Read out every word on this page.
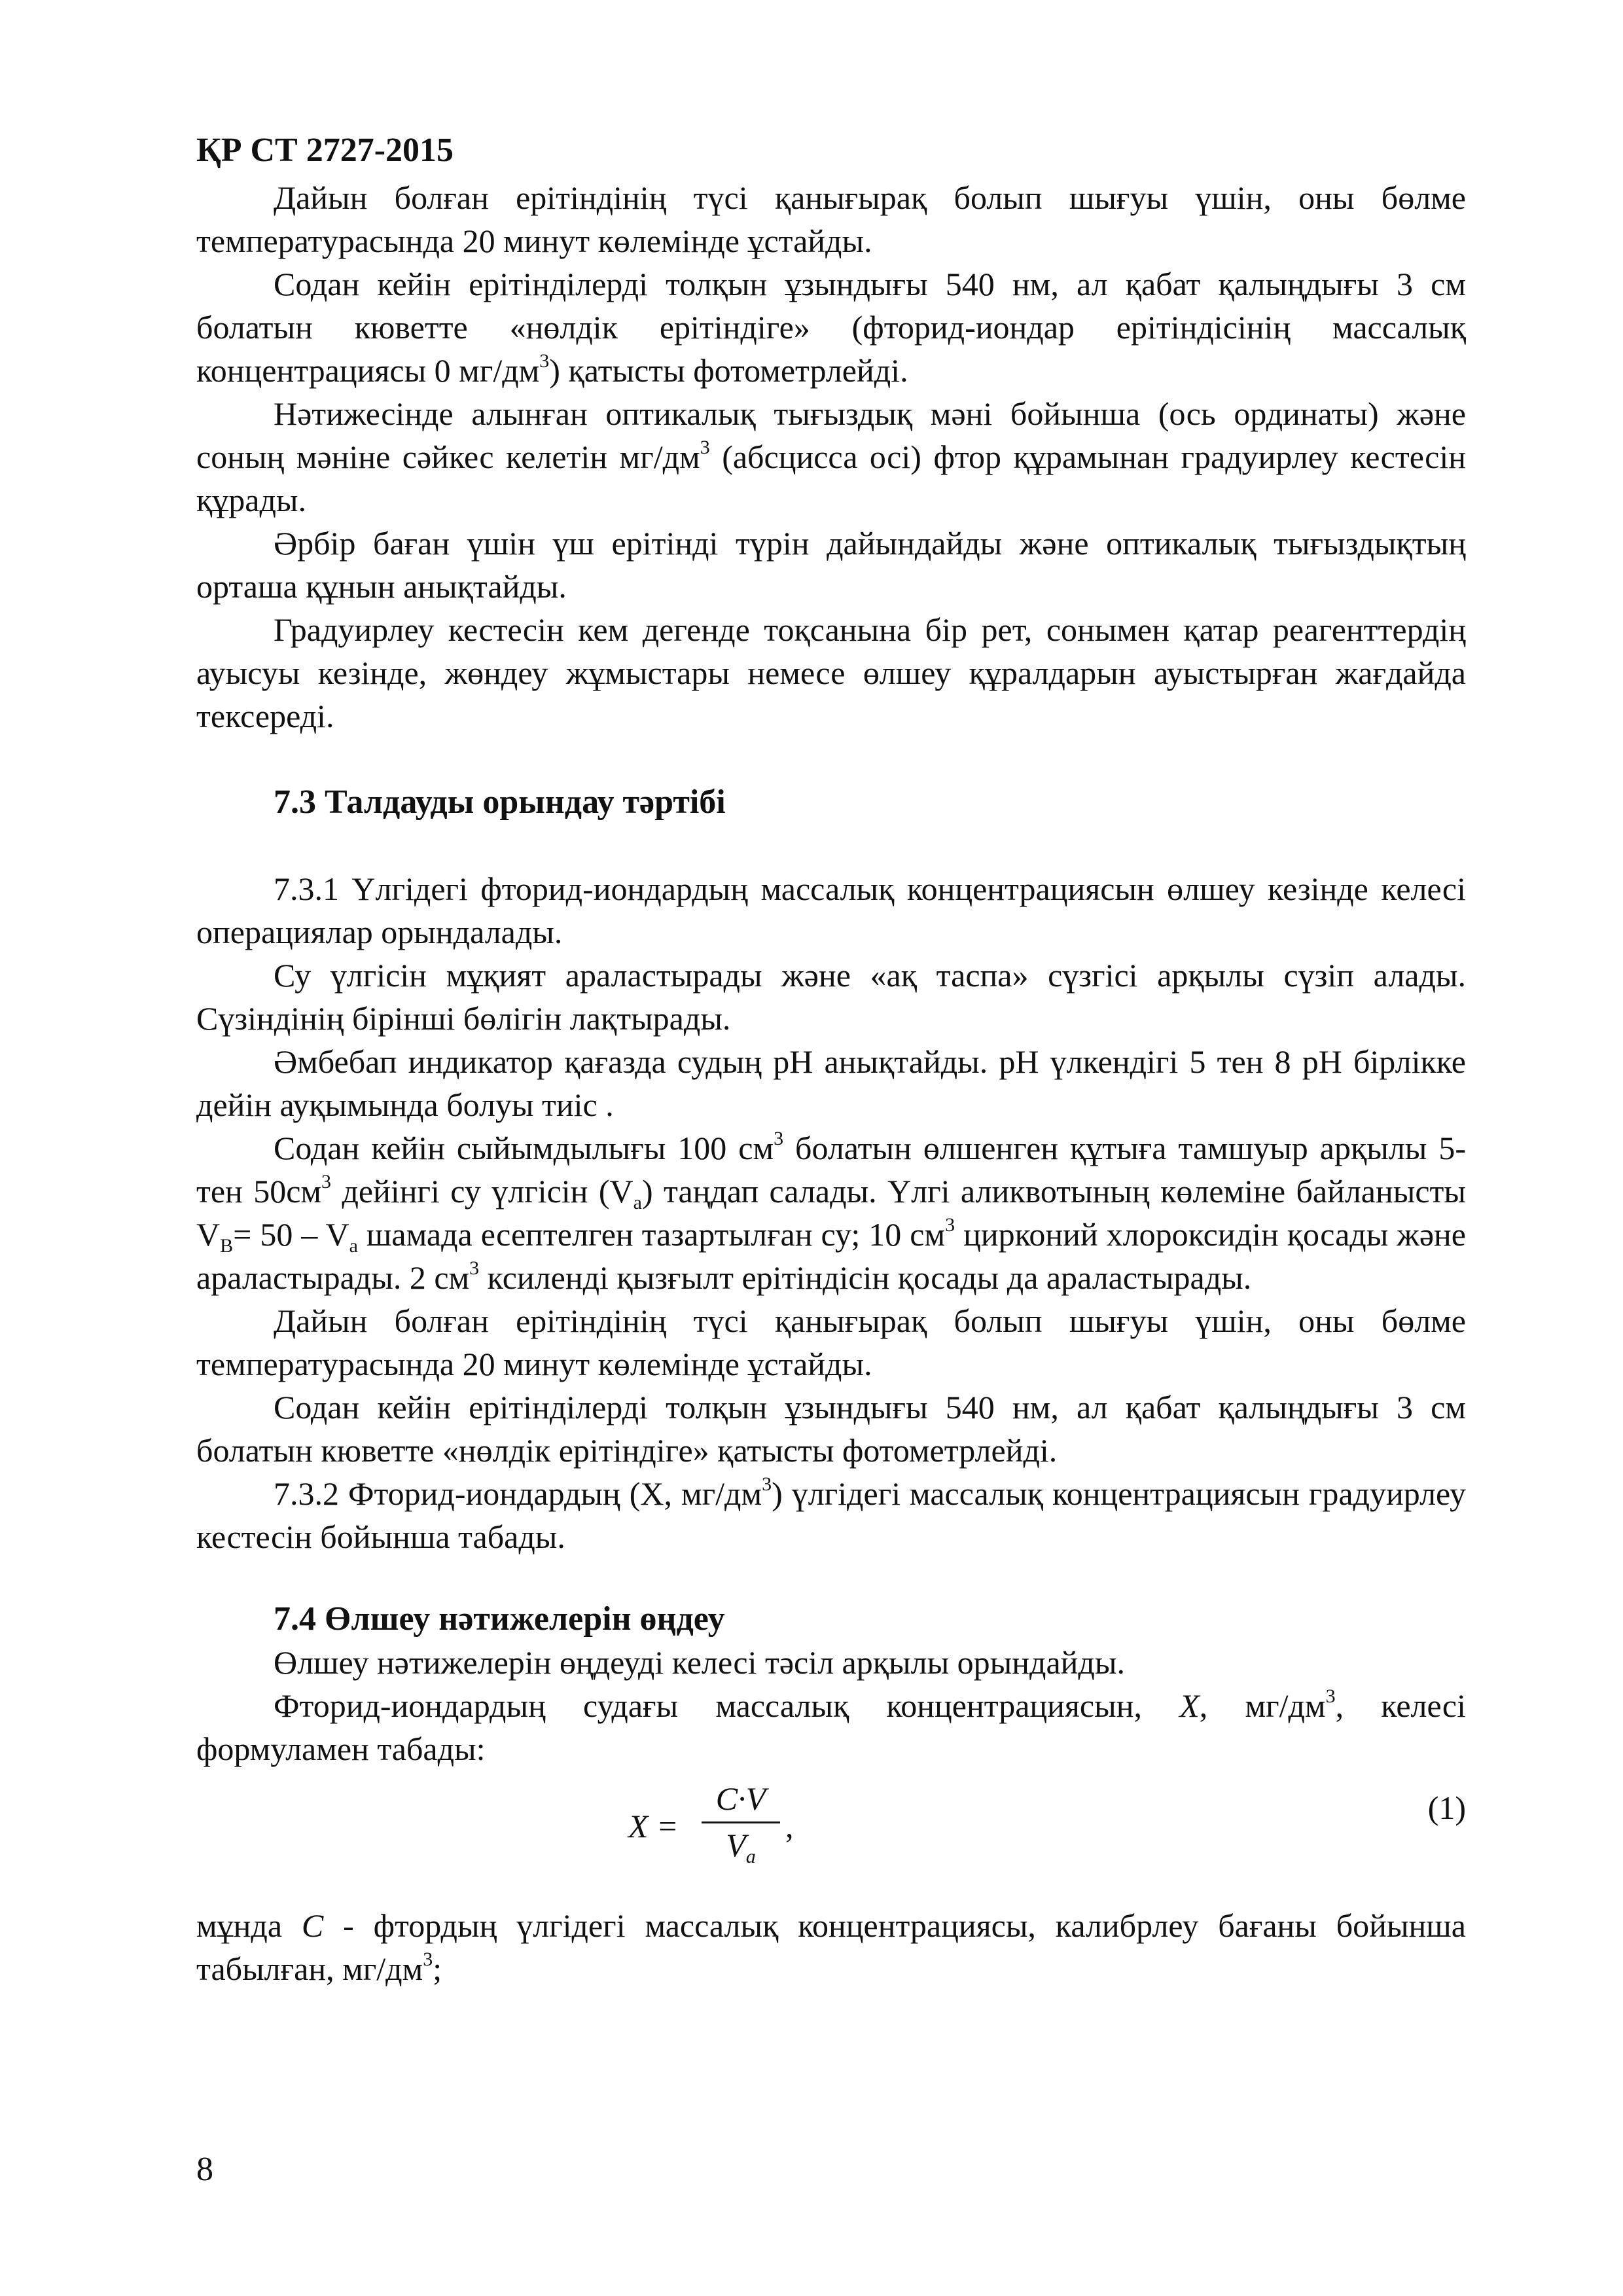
ҚР СТ 2727-2015

Дайын болған ерітіндінің түсі қанығырақ болып шығуы үшін, оны бөлме температурасында 20 минут көлемінде ұстайды.

Содан кейін ерітінділерді толқын ұзындығы 540 нм, ал қабат қалыңдығы 3 см болатын кюветте «нөлдік ерітіндіге» (фторид-иондар ерітіндісінің массалық концентрациясы 0 $мг/дм^3$) қатысты фотометрлейді.

Нәтижесінде алынған оптикалық тығыздық мәні бойынша (ось ординаты) және соның мәніне сәйкес келетін $мг/дм^3$ (абсцисса осі) фтор құрамынан градуирлеу кестесін құрады.

Әрбір баған үшін үш ерітінді түрін дайындайды және оптикалық тығыздықтың орташа құнын анықтайды.

Градуирлеу кестесін кем дегенде тоқсанына бір рет, сонымен қатар реагенттердің ауысуы кезінде, жөндеу жұмыстары немесе өлшеу құралдарын ауыстырған жағдайда тексереді.

7.3 Талдауды орындау тәртібі

7.3.1 Үлгідегі фторид-иондардың массалық концентрациясын өлшеу кезінде келесі операциялар орындалады.

Су үлгісін мұқият араластырады және «ақ таспа» сүзгісі арқылы сүзіп алады. Сүзіндінің бірінші бөлігін лақтырады.

Әмбебап индикатор қағазда судың рН анықтайды. рН үлкендігі 5 тен 8 рН бірлікке дейін ауқымында болуы тиіс .

Содан кейін сыйымдылығы 100 $см^3$ болатын өлшенген құтыға тамшуыр арқылы 5-тен $50см^3$ дейінгі су үлгісін $(V_a)$ таңдап салады. Үлгі аликвотының көлеміне байланысты $V_B= 50 - V_a$ шамада есептелген тазартылған су; 10 $см^3$ цирконий хлороксидін қосады және араластырады. 2 $см^3$ ксиленді қызғылт ерітіндісін қосады да араластырады.

Дайын болған ерітіндінің түсі қанығырақ болып шығуы үшін, оны бөлме температурасында 20 минут көлемінде ұстайды.

Содан кейін ерітінділерді толқын ұзындығы 540 нм, ал қабат қалыңдығы 3 см болатын кюветте «нөлдік ерітіндіге» қатысты фотометрлейді.

7.3.2 Фторид-иондардың (Х, $мг/дм^3$) үлгідегі массалық концентрациясын градуирлеу кестесін бойынша табады.

7.4 Өлшеу нәтижелерін өңдеу

Өлшеу нәтижелерін өңдеуді келесі тәсіл арқылы орындайды.

Фторид-иондардың судағы массалық концентрациясын, X, $мг/дм^3$, келесі формуламен табады:

$X = \frac{C\cdot V}{V_a}$ ,	(1)

мұнда C - фтордың үлгідегі массалық концентрациясы, калибрлеу бағаны бойынша табылған, $мг/дм^3$;

8
